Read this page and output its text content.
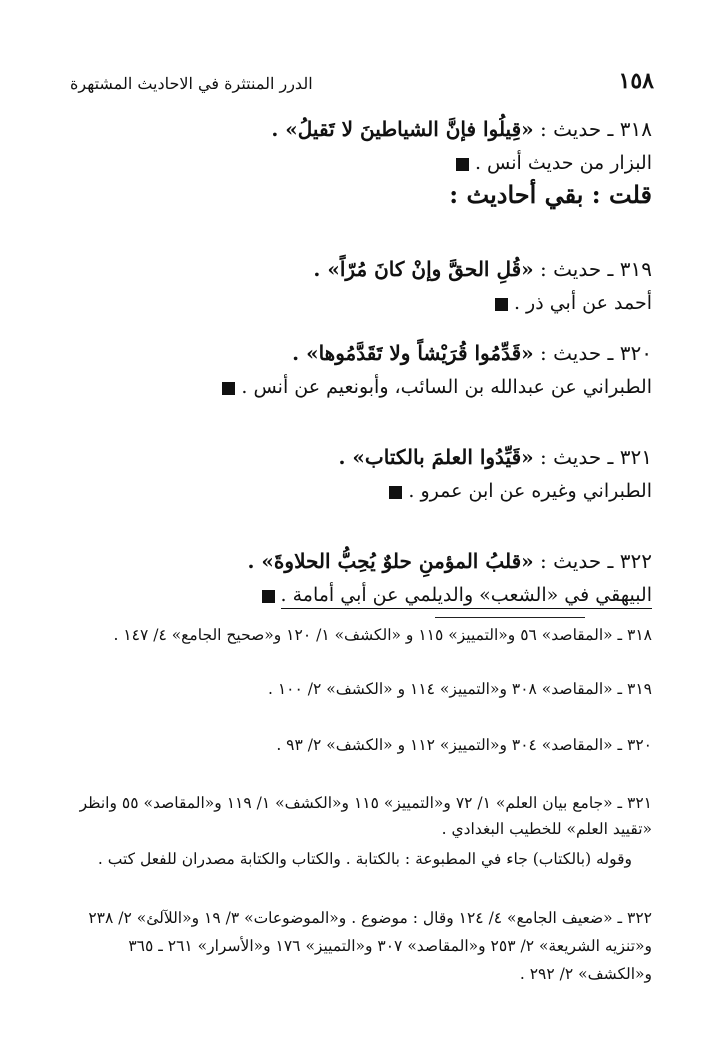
١٥٨
الدرر المنتثرة في الاحاديث المشتهرة
٣١٨ ـ حديث : «قِيلُوا فإنَّ الشياطينَ لا تَقيلُ» .
البزار من حديث أنس .
قلت : بقي أحاديث :
٣١٩ ـ حديث : «قُلِ الحقَّ وإنْ كانَ مُرّاً» .
أحمد عن أبي ذر .
٣٢٠ ـ حديث : «قَدِّمُوا قُرَيْشاً ولا تَقَدَّمُوها» .
الطبراني عن عبدالله بن السائب، وأبونعيم عن أنس .
٣٢١ ـ حديث : «قَيِّدُوا العلمَ بالكتاب» .
الطبراني وغيره عن ابن عمرو .
٣٢٢ ـ حديث : «قلبُ المؤمنِ حلوٌ يُحِبُّ الحلاوةَ» .
البيهقي في «الشعب» والديلمي عن أبي أمامة .
٣١٨ ـ «المقاصد» ٥٦ و«التمييز» ١١٥ و «الكشف» ١/ ١٢٠ و«صحيح الجامع» ٤/ ١٤٧ .
٣١٩ ـ «المقاصد» ٣٠٨ و«التمييز» ١١٤ و «الكشف» ٢/ ١٠٠ .
٣٢٠ ـ «المقاصد» ٣٠٤ و«التمييز» ١١٢ و «الكشف» ٢/ ٩٣ .
٣٢١ ـ «جامع بيان العلم» ١/ ٧٢ و«التمييز» ١١٥ و«الكشف» ١/ ١١٩ و«المقاصد» ٥٥ وانظر «تقييد العلم» للخطيب البغدادي .
وقوله (بالكتاب) جاء في المطبوعة : بالكتابة . والكتاب والكتابة مصدران للفعل كتب .
٣٢٢ ـ «ضعيف الجامع» ٤/ ١٢٤ وقال : موضوع . و«الموضوعات» ٣/ ١٩ و«اللآلئ» ٢/ ٢٣٨ و«تنزيه الشريعة» ٢/ ٢٥٣ و«المقاصد» ٣٠٧ و«التمييز» ١٧٦ و«الأسرار» ٢٦١ ـ ٣٦٥ و«الكشف» ٢/ ٢٩٢ .
